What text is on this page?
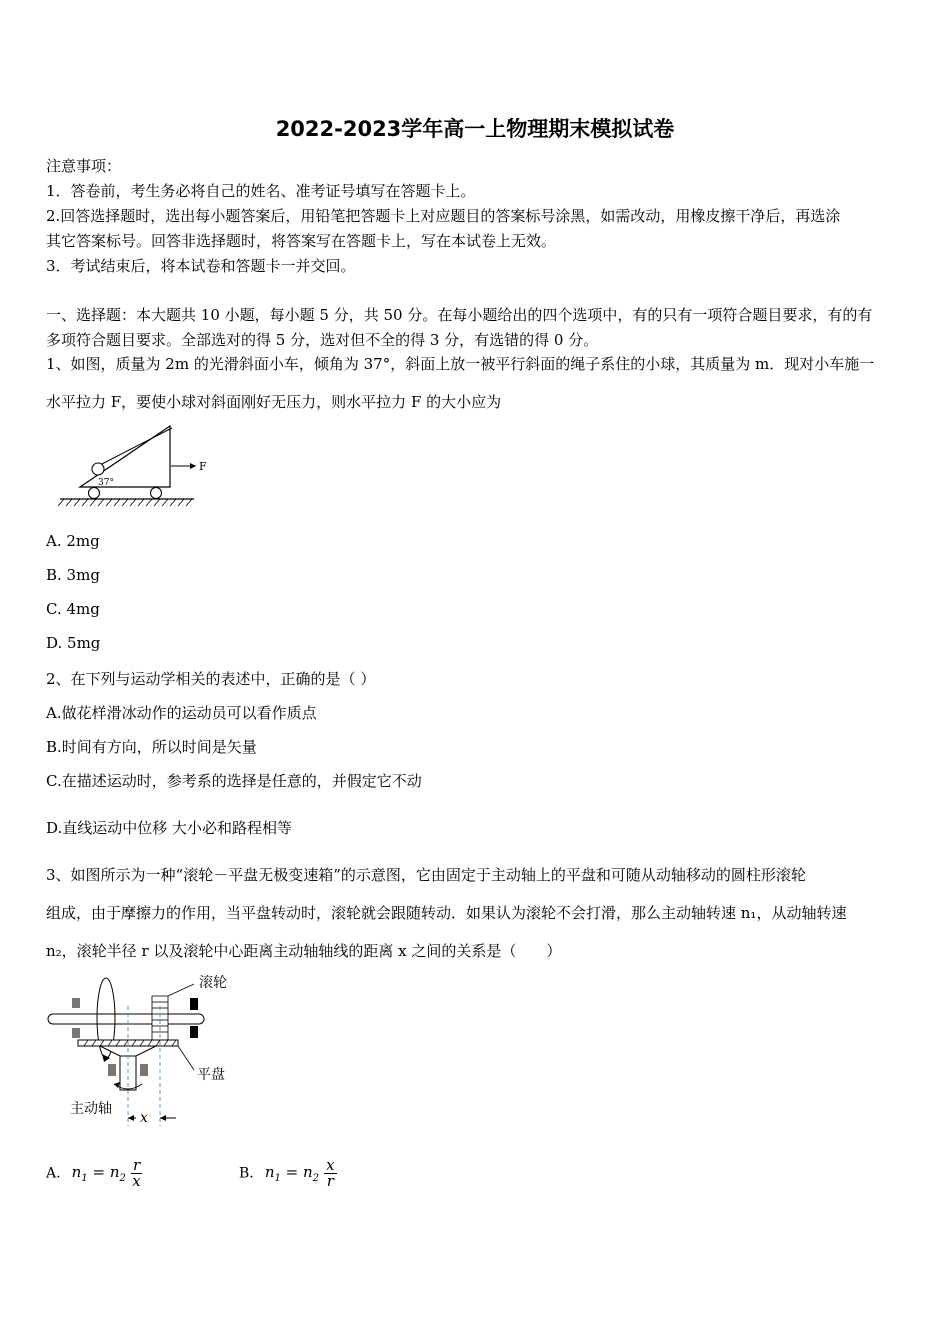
2022-2023学年高一上物理期末模拟试卷
注意事项：
1．答卷前，考生务必将自己的姓名、准考证号填写在答题卡上。
2.回答选择题时，选出每小题答案后，用铅笔把答题卡上对应题目的答案标号涂黑，如需改动，用橡皮擦干净后，再选涂
其它答案标号。回答非选择题时，将答案写在答题卡上，写在本试卷上无效。
3．考试结束后，将本试卷和答题卡一并交回。
一、选择题：本大题共 10 小题，每小题 5 分，共 50 分。在每小题给出的四个选项中，有的只有一项符合题目要求，有的有
多项符合题目要求。全部选对的得 5 分，选对但不全的得 3 分，有选错的得 0 分。
1、如图，质量为 2m 的光滑斜面小车，倾角为 37°，斜面上放一被平行斜面的绳子系住的小球，其质量为 m．现对小车施一
水平拉力 F，要使小球对斜面刚好无压力，则水平拉力 F 的大小应为
37°
F
A. 2mg
B. 3mg
C. 4mg
D. 5mg
2、在下列与运动学相关的表述中，正确的是（ ）
A.做花样滑冰动作的运动员可以看作质点
B.时间有方向，所以时间是矢量
C.在描述运动时，参考系的选择是任意的，并假定它不动
D.直线运动中位移 大小必和路程相等
3、如图所示为一种“滚轮－平盘无极变速箱”的示意图，它由固定于主动轴上的平盘和可随从动轴移动的圆柱形滚轮
组成，由于摩擦力的作用，当平盘转动时，滚轮就会跟随转动．如果认为滚轮不会打滑，那么主动轴转速 n₁，从动轴转速
n₂，滚轮半径 r 以及滚轮中心距离主动轴轴线的距离 x 之间的关系是（　　）
滚轮
平盘
主动轴
x
A. $n_1 = n_2 \frac{r}{x}$	B. $n_1 = n_2 \frac{x}{r}$
